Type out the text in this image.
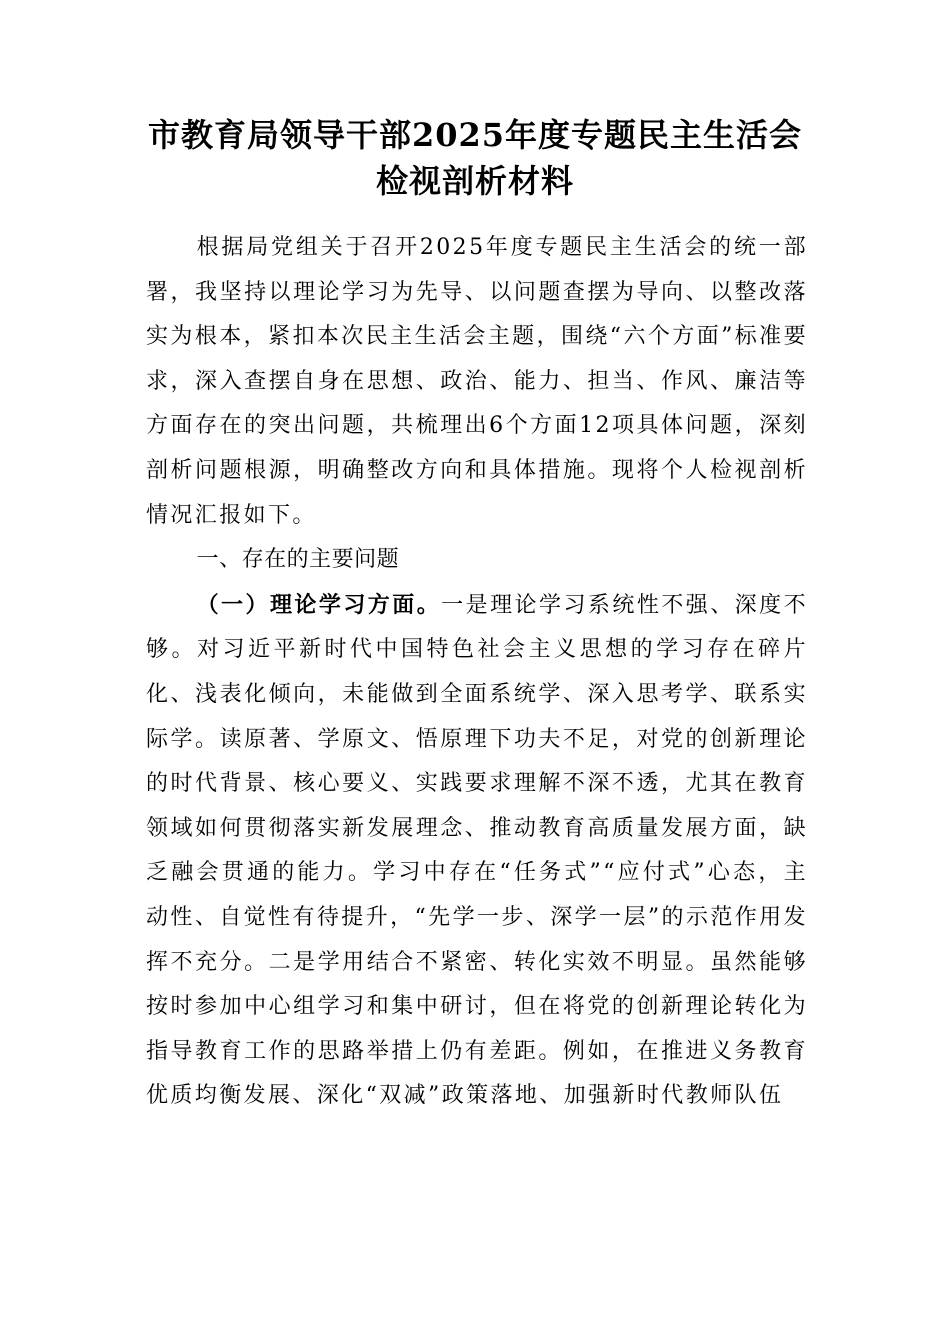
市教育局领导干部2025年度专题民主生活会检视剖析材料

根据局党组关于召开2025年度专题民主生活会的统一部署，我坚持以理论学习为先导、以问题查摆为导向、以整改落实为根本，紧扣本次民主生活会主题，围绕“六个方面”标准要求，深入查摆自身在思想、政治、能力、担当、作风、廉洁等方面存在的突出问题，共梳理出6个方面12项具体问题，深刻剖析问题根源，明确整改方向和具体措施。现将个人检视剖析情况汇报如下。

一、存在的主要问题

（一）理论学习方面。一是理论学习系统性不强、深度不够。对习近平新时代中国特色社会主义思想的学习存在碎片化、浅表化倾向，未能做到全面系统学、深入思考学、联系实际学。读原著、学原文、悟原理下功夫不足，对党的创新理论的时代背景、核心要义、实践要求理解不深不透，尤其在教育领域如何贯彻落实新发展理念、推动教育高质量发展方面，缺乏融会贯通的能力。学习中存在“任务式”“应付式”心态，主动性、自觉性有待提升，“先学一步、深学一层”的示范作用发挥不充分。二是学用结合不紧密、转化实效不明显。虽然能够按时参加中心组学习和集中研讨，但在将党的创新理论转化为指导教育工作的思路举措上仍有差距。例如，在推进义务教育优质均衡发展、深化“双减”政策落地、加强新时代教师队伍
